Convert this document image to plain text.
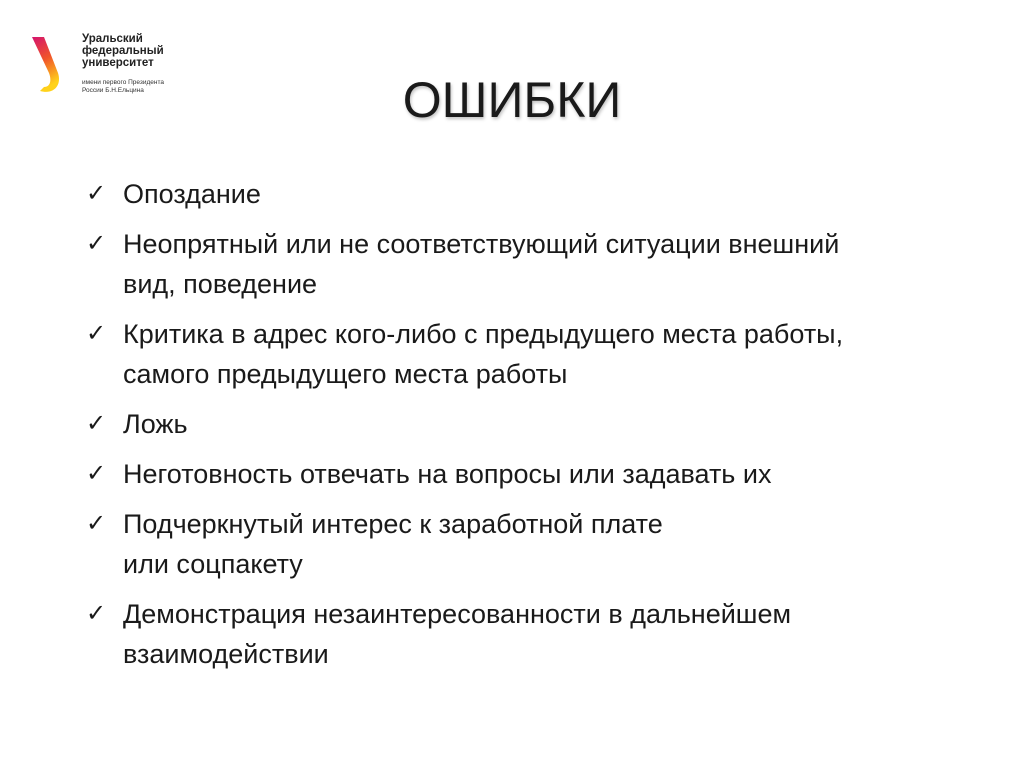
Уральский
федеральный
университет
имени первого Президента
России Б.Н.Ельцина	ОШИБКИ
✓ Опоздание
✓ Неопрятный или не соответствующий ситуации внешний
вид, поведение
✓ Критика в адрес кого-либо с предыдущего места работы,
самого предыдущего места работы
✓ Ложь
✓ Неготовность отвечать на вопросы или задавать их
✓ Подчеркнутый интерес к заработной плате
или соцпакету
✓ Демонстрация незаинтересованности в дальнейшем
взаимодействии
